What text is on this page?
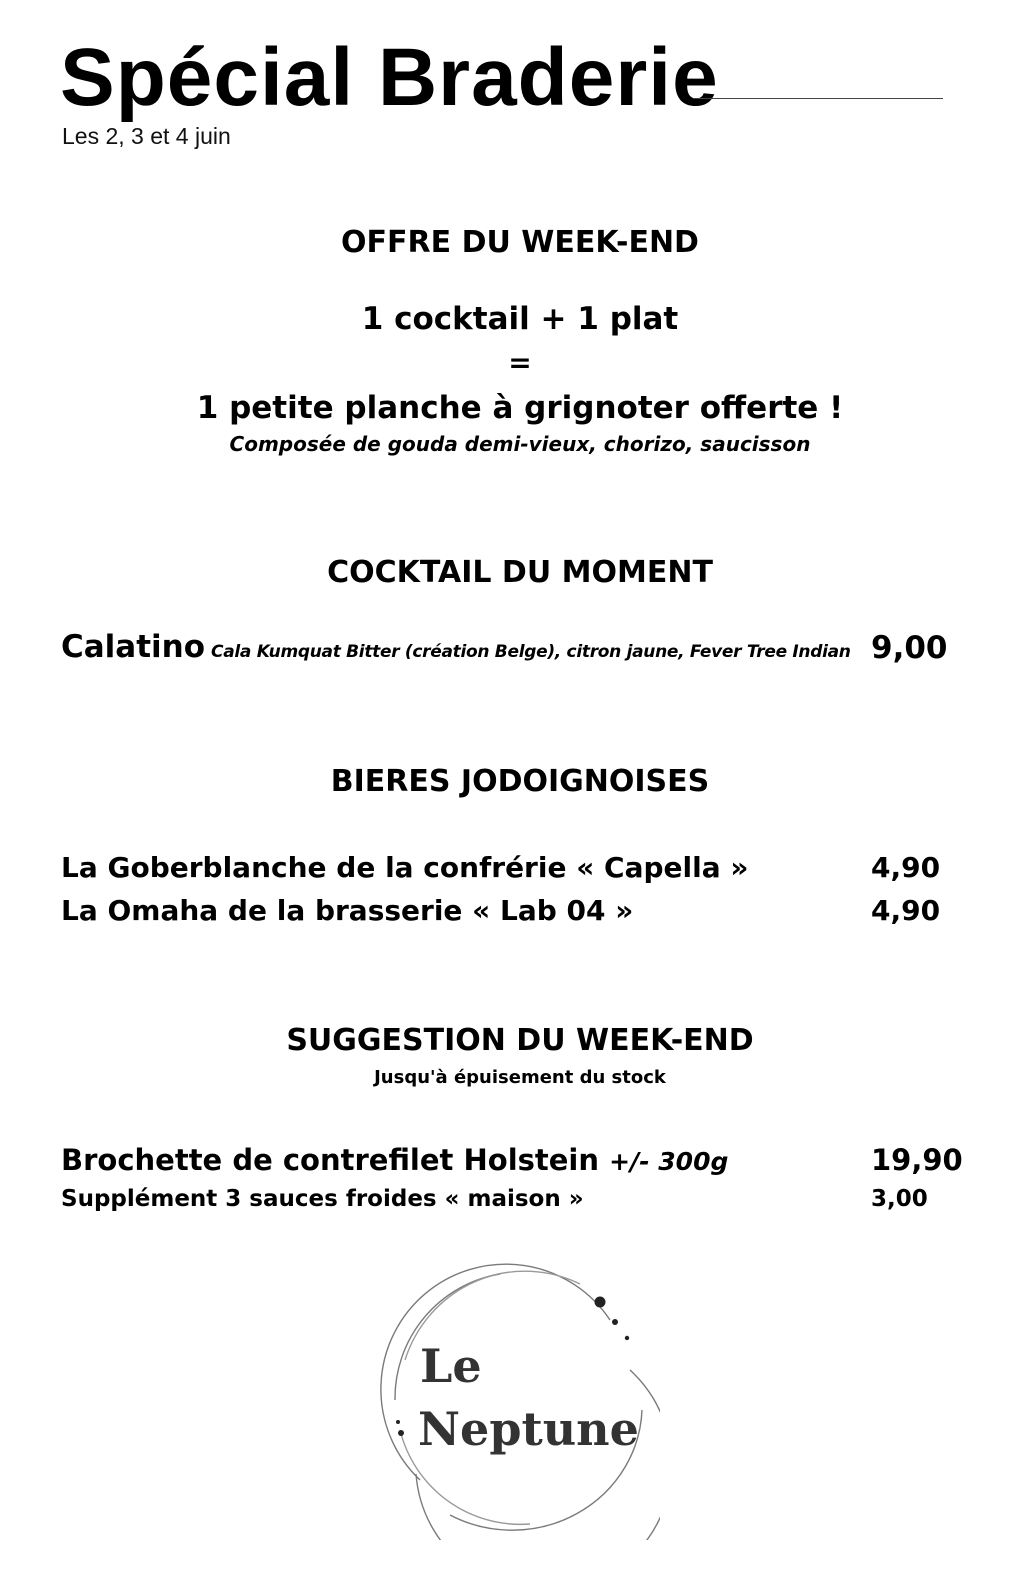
Spécial Braderie
Les 2, 3 et 4 juin
OFFRE DU WEEK-END
1 cocktail + 1 plat
=
1 petite planche à grignoter offerte !
Composée de gouda demi-vieux, chorizo, saucisson
COCKTAIL DU MOMENT
Calatino Cala Kumquat Bitter (création Belge), citron jaune, Fever Tree Indian 9,00
BIERES JODOIGNOISES
La Goberblanche de la confrérie « Capella »	4,90
La Omaha de la brasserie « Lab 04 »	4,90
SUGGESTION DU WEEK-END
Jusqu'à épuisement du stock
Brochette de contrefilet Holstein +/- 300g	19,90
Supplément 3 sauces froides « maison »	3,00
Le
Neptune
